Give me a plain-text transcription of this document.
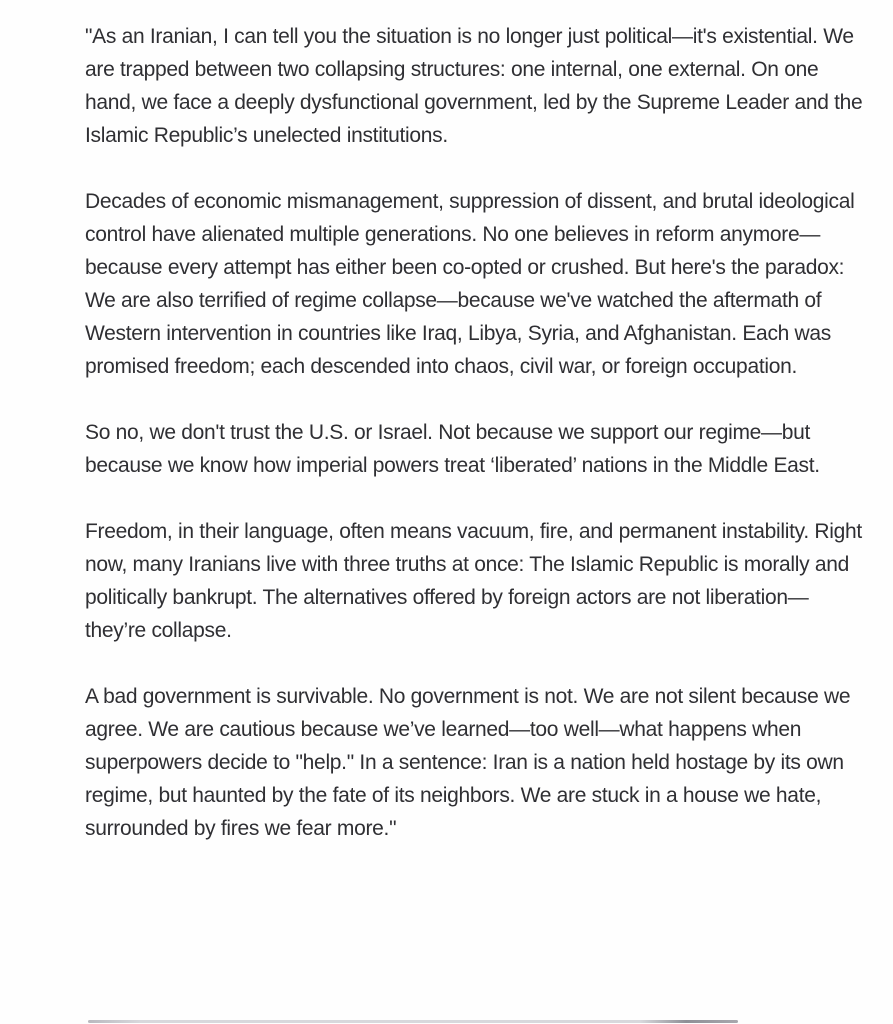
"As an Iranian, I can tell you the situation is no longer just political—it's existential. We are trapped between two collapsing structures: one internal, one external. On one hand, we face a deeply dysfunctional government, led by the Supreme Leader and the Islamic Republic’s unelected institutions.

Decades of economic mismanagement, suppression of dissent, and brutal ideological control have alienated multiple generations. No one believes in reform anymore—because every attempt has either been co-opted or crushed. But here's the paradox: We are also terrified of regime collapse—because we've watched the aftermath of Western intervention in countries like Iraq, Libya, Syria, and Afghanistan. Each was promised freedom; each descended into chaos, civil war, or foreign occupation.

So no, we don't trust the U.S. or Israel. Not because we support our regime—but because we know how imperial powers treat ‘liberated’ nations in the Middle East.

Freedom, in their language, often means vacuum, fire, and permanent instability. Right now, many Iranians live with three truths at once: The Islamic Republic is morally and politically bankrupt. The alternatives offered by foreign actors are not liberation—they’re collapse.

A bad government is survivable. No government is not. We are not silent because we agree. We are cautious because we’ve learned—too well—what happens when superpowers decide to "help." In a sentence: Iran is a nation held hostage by its own regime, but haunted by the fate of its neighbors. We are stuck in a house we hate, surrounded by fires we fear more."
